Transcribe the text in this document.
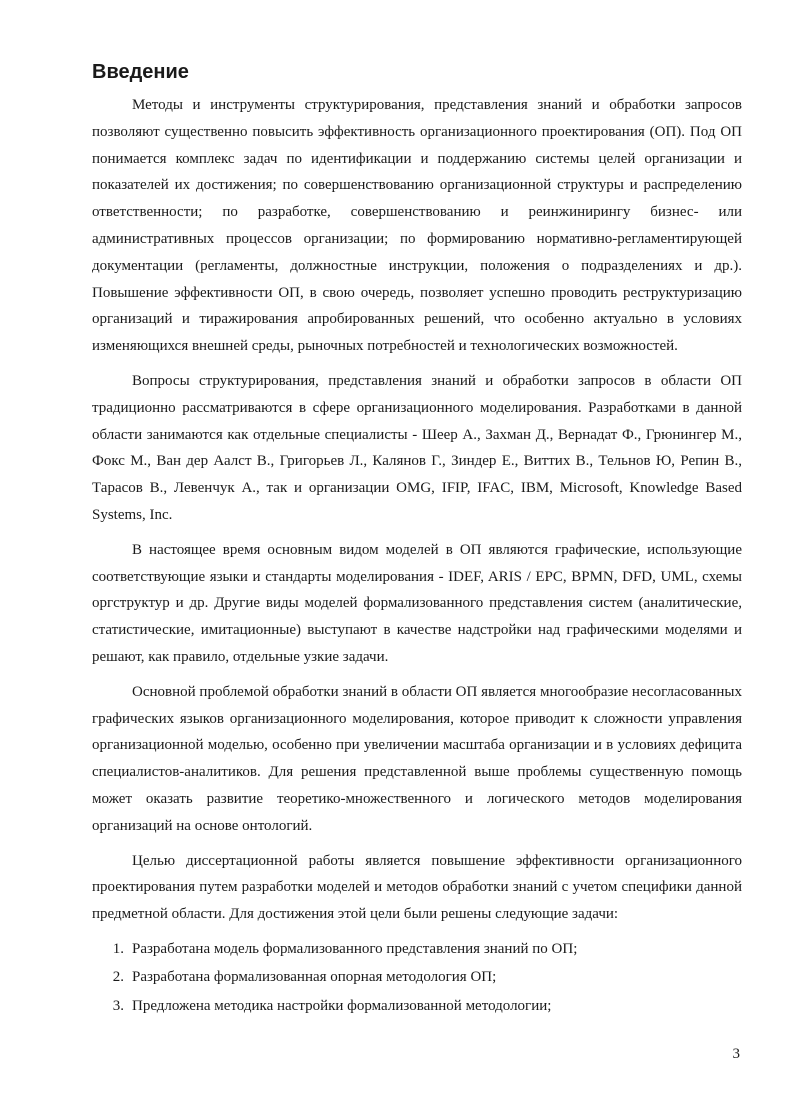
Введение

Методы и инструменты структурирования, представления знаний и обработки запросов позволяют существенно повысить эффективность организационного проектирования (ОП). Под ОП понимается комплекс задач по идентификации и поддержанию системы целей организации и показателей их достижения; по совершенствованию организационной структуры и распределению ответственности; по разработке, совершенствованию и реинжинирингу бизнес- или административных процессов организации; по формированию нормативно-регламентирующей документации (регламенты, должностные инструкции, положения о подразделениях и др.). Повышение эффективности ОП, в свою очередь, позволяет успешно проводить реструктуризацию организаций и тиражирования апробированных решений, что особенно актуально в условиях изменяющихся внешней среды, рыночных потребностей и технологических возможностей.

Вопросы структурирования, представления знаний и обработки запросов в области ОП традиционно рассматриваются в сфере организационного моделирования. Разработками в данной области занимаются как отдельные специалисты - Шеер А., Захман Д., Вернадат Ф., Грюнингер М., Фокс М., Ван дер Аалст В., Григорьев Л., Калянов Г., Зиндер Е., Виттих В., Тельнов Ю, Репин В., Тарасов В., Левенчук А., так и организации OMG, IFIP, IFAC, IBM, Microsoft, Knowledge Based Systems, Inc.

В настоящее время основным видом моделей в ОП являются графические, использующие соответствующие языки и стандарты моделирования - IDEF, ARIS / EPC, BPMN, DFD, UML, схемы оргструктур и др. Другие виды моделей формализованного представления систем (аналитические, статистические, имитационные) выступают в качестве надстройки над графическими моделями и решают, как правило, отдельные узкие задачи.

Основной проблемой обработки знаний в области ОП является многообразие несогласованных графических языков организационного моделирования, которое приводит к сложности управления организационной моделью, особенно при увеличении масштаба организации и в условиях дефицита специалистов-аналитиков. Для решения представленной выше проблемы существенную помощь может оказать развитие теоретико-множественного и логического методов моделирования организаций на основе онтологий.

Целью диссертационной работы является повышение эффективности организационного проектирования путем разработки моделей и методов обработки знаний с учетом специфики данной предметной области. Для достижения этой цели были решены следующие задачи:

1. Разработана модель формализованного представления знаний по ОП;
2. Разработана формализованная опорная методология ОП;
3. Предложена методика настройки формализованной методологии;
3
